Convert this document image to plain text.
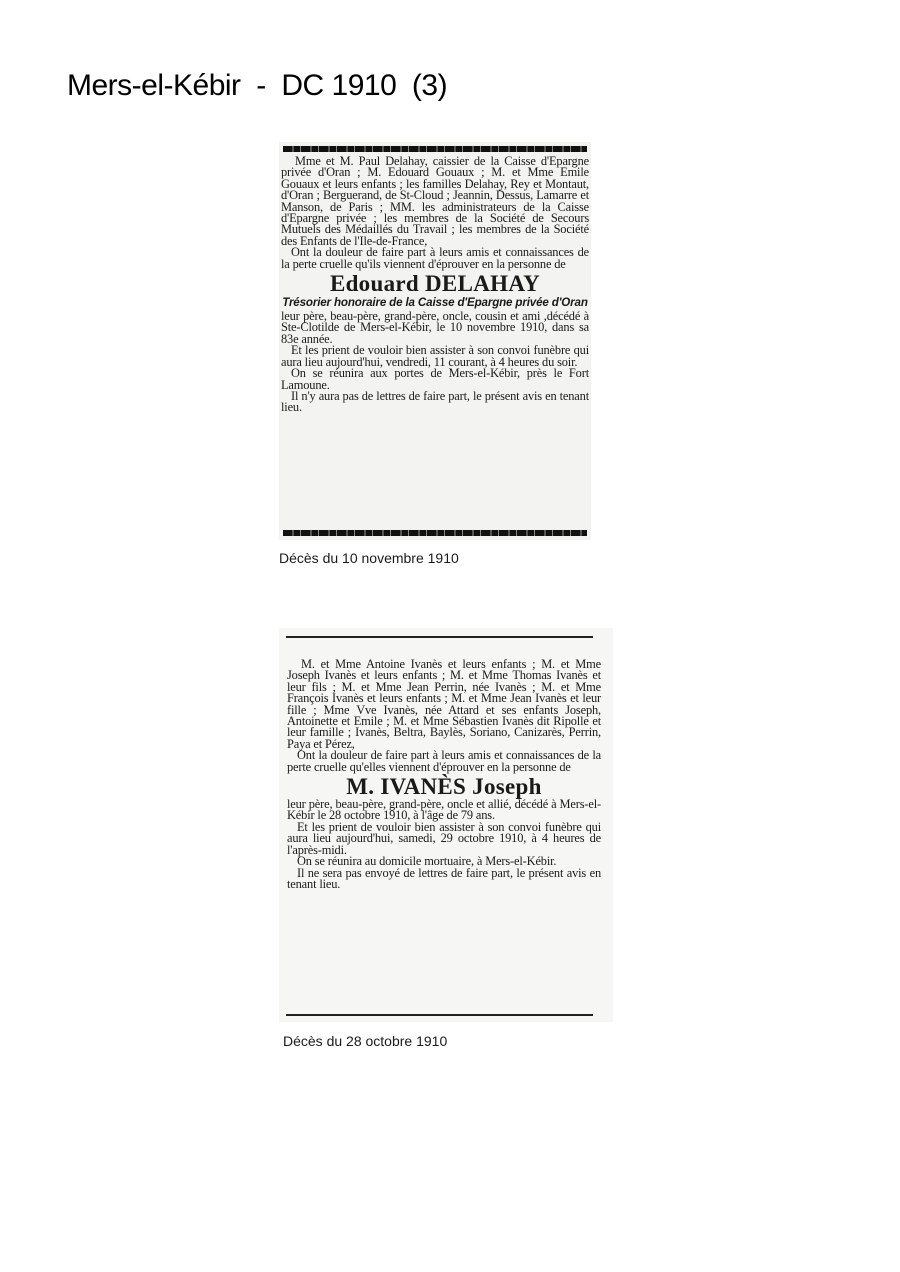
Mers-el-Kébir  -  DC 1910  (3)

Mme et M. Paul Delahay, caissier de la Caisse d'Epargne privée d'Oran ; M. Edouard Gouaux ; M. et Mme Emile Gouaux et leurs enfants ; les familles Delahay, Rey et Montaut, d'Oran ; Berguerand, de St-Cloud ; Jeannin, Dessus, Lamarre et Manson, de Paris ; MM. les administrateurs de la Caisse d'Epargne privée ; les membres de la Société de Secours Mutuels des Médaillés du Travail ; les membres de la Société des Enfants de l'Ile-de-France,

Ont la douleur de faire part à leurs amis et connaissances de la perte cruelle qu'ils viennent d'éprouver en la personne de

Edouard DELAHAY

Trésorier honoraire de la Caisse d'Epargne privée d'Oran

leur père, beau-père, grand-père, oncle, cousin et ami ,décédé à Ste-Clotilde de Mers-el-Kébir, le 10 novembre 1910, dans sa 83e année.

Et les prient de vouloir bien assister à son convoi funèbre qui aura lieu aujourd'hui, vendredi, 11 courant, à 4 heures du soir.

On se réunira aux portes de Mers-el-Kébir, près le Fort Lamoune.

Il n'y aura pas de lettres de faire part, le présent avis en tenant lieu.

Décès du 10 novembre 1910

M. et Mme Antoine Ivanès et leurs enfants ; M. et Mme Joseph Ivanès et leurs enfants ; M. et Mme Thomas Ivanès et leur fils ; M. et Mme Jean Perrin, née Ivanès ; M. et Mme François Ivanès et leurs enfants ; M. et Mme Jean Ivanès et leur fille ; Mme Vve Ivanès, née Attard et ses enfants Joseph, Antoinette et Emile ; M. et Mme Sébastien Ivanès dit Ripolle et leur famille ; Ivanès, Beltra, Baylès, Soriano, Canizarès, Perrin, Paya et Pérez,

Ont la douleur de faire part à leurs amis et connaissances de la perte cruelle qu'elles viennent d'éprouver en la personne de

M. IVANÈS Joseph

leur père, beau-père, grand-père, oncle et allié, décédé à Mers-el-Kébir le 28 octobre 1910, à l'âge de 79 ans.

Et les prient de vouloir bien assister à son convoi funèbre qui aura lieu aujourd'hui, samedi, 29 octobre 1910, à 4 heures de l'après-midi.

On se réunira au domicile mortuaire, à Mers-el-Kébir.

Il ne sera pas envoyé de lettres de faire part, le présent avis en tenant lieu.

Décès du 28 octobre 1910
